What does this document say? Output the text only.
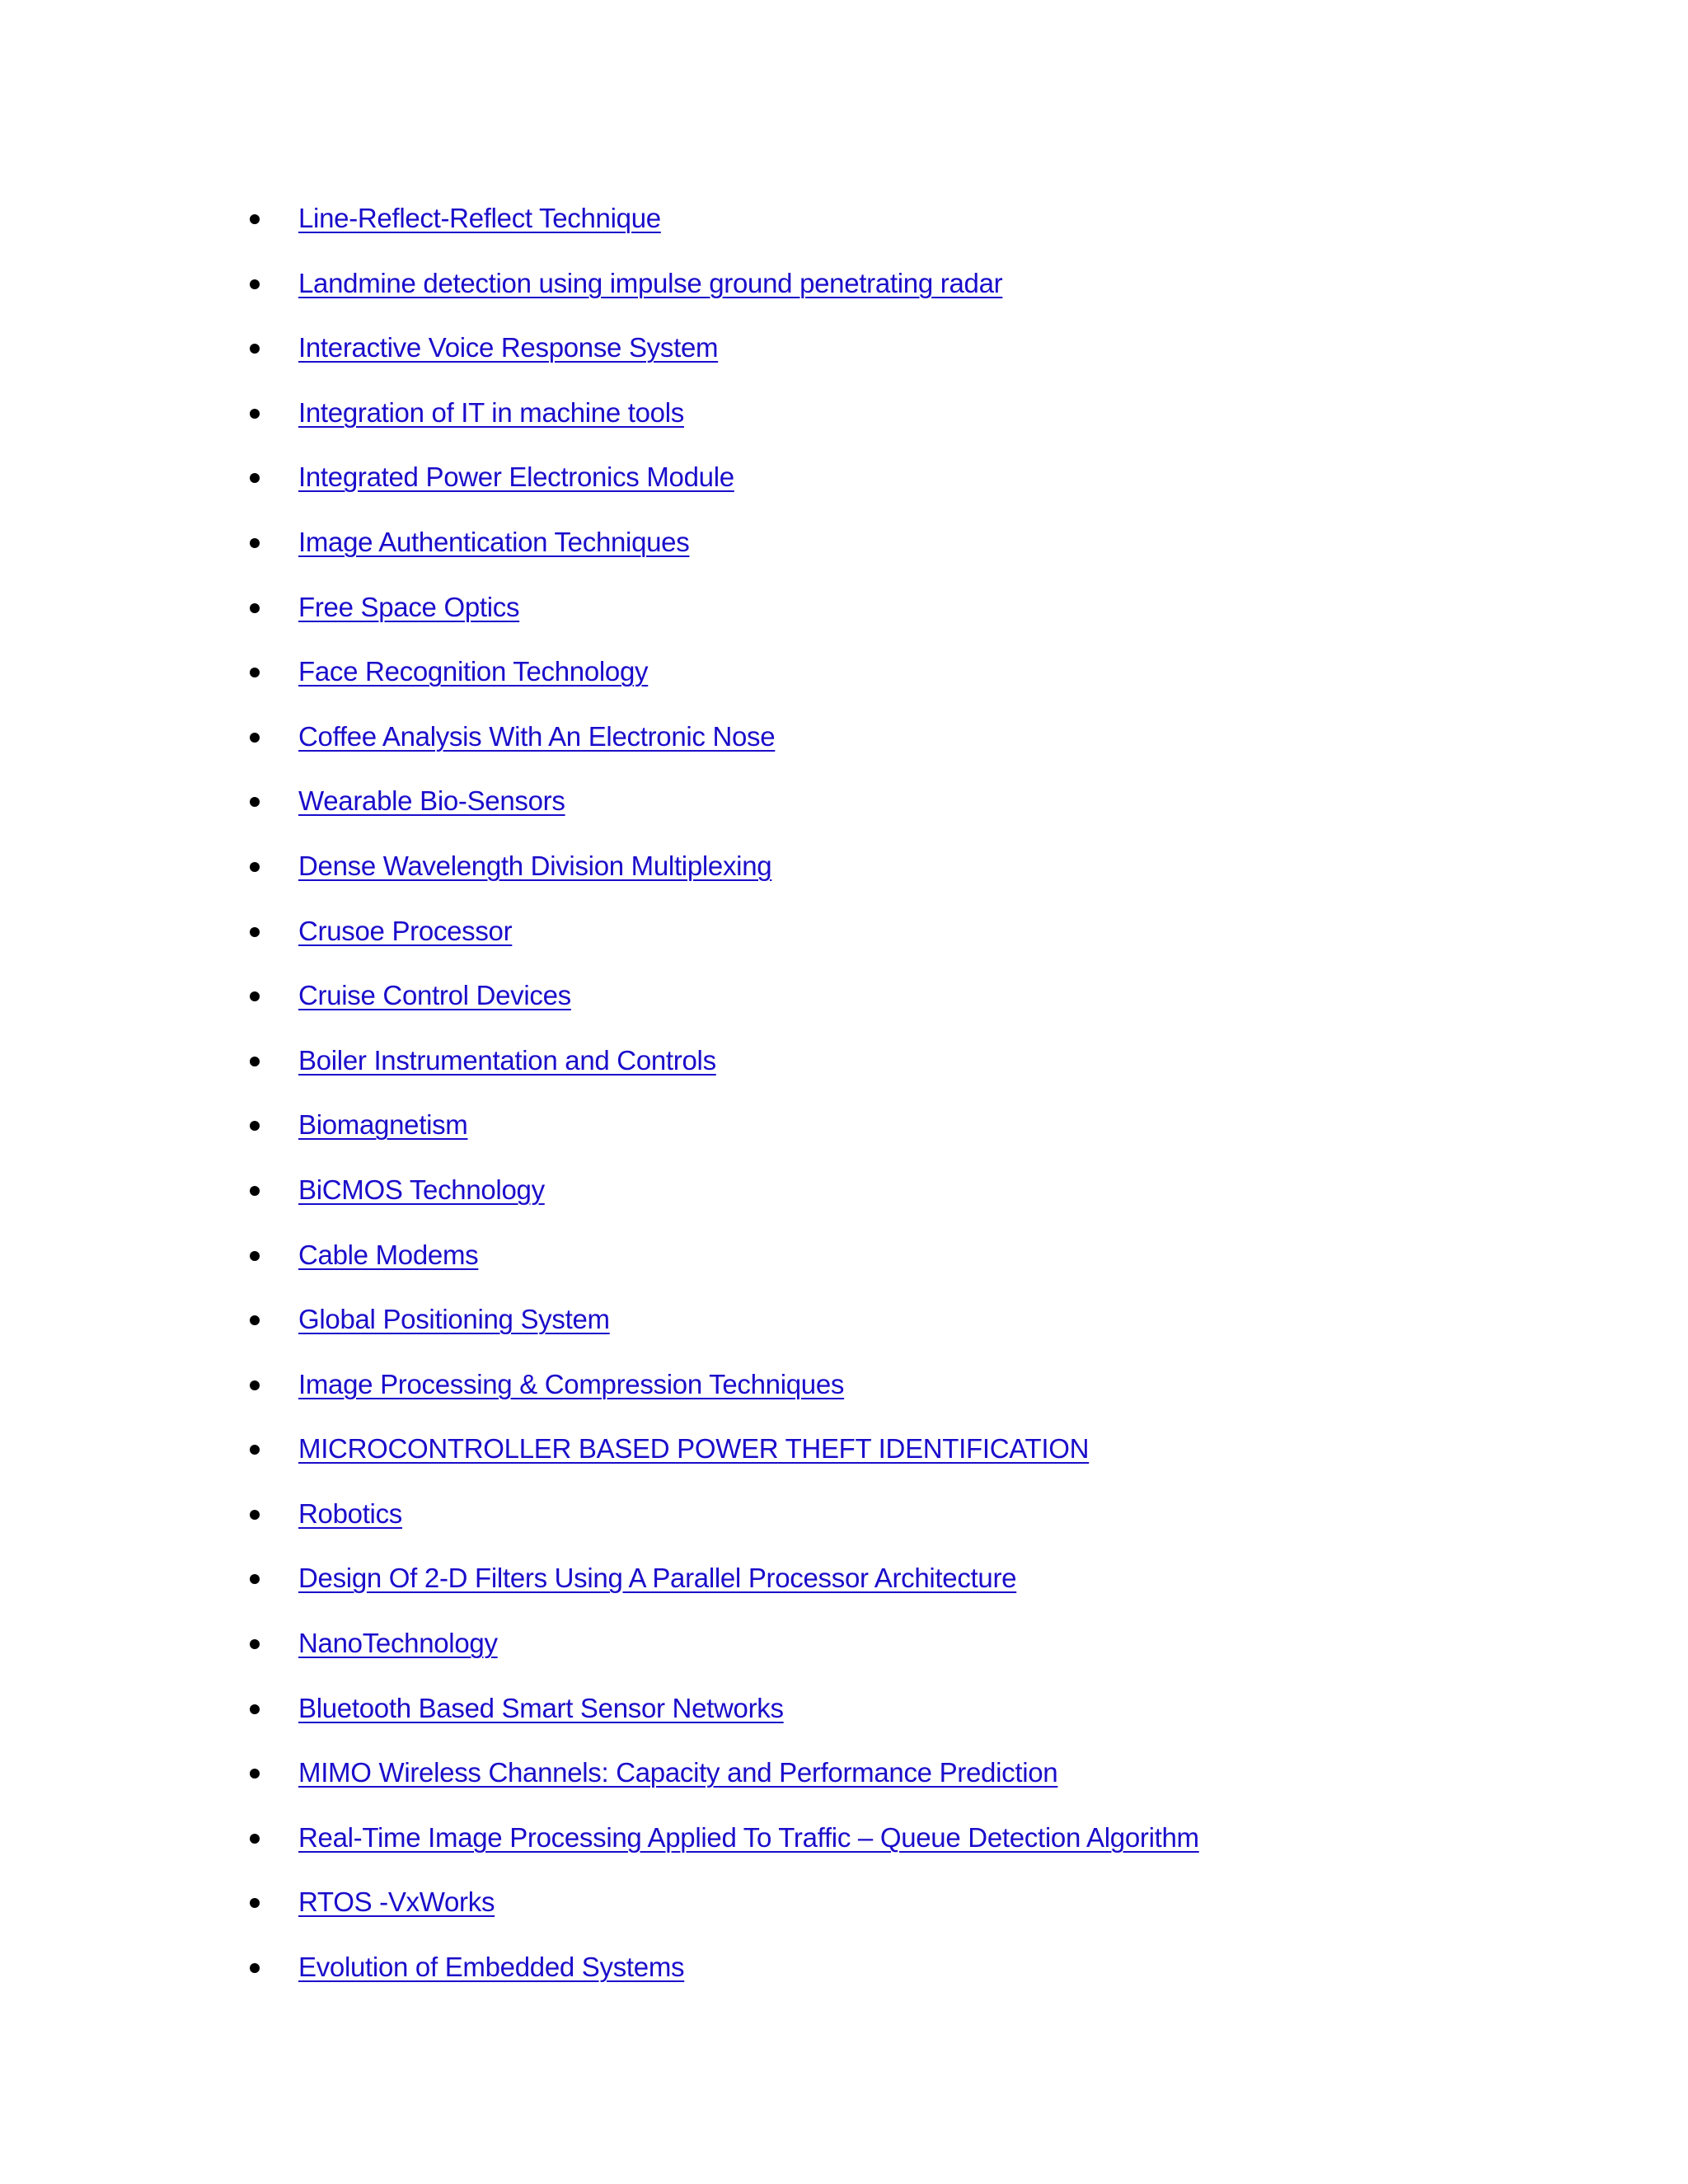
Line-Reflect-Reflect Technique
Landmine detection using impulse ground penetrating radar
Interactive Voice Response System
Integration of IT in machine tools
Integrated Power Electronics Module
Image Authentication Techniques
Free Space Optics
Face Recognition Technology
Coffee Analysis With An Electronic Nose
Wearable Bio-Sensors
Dense Wavelength Division Multiplexing
Crusoe Processor
Cruise Control Devices
Boiler Instrumentation and Controls
Biomagnetism
BiCMOS Technology
Cable Modems
Global Positioning System
Image Processing & Compression Techniques
MICROCONTROLLER BASED POWER THEFT IDENTIFICATION
Robotics
Design Of 2-D Filters Using A Parallel Processor Architecture
NanoTechnology
Bluetooth Based Smart Sensor Networks
MIMO Wireless Channels: Capacity and Performance Prediction
Real-Time Image Processing Applied To Traffic – Queue Detection Algorithm
RTOS -VxWorks
Evolution of Embedded Systems
